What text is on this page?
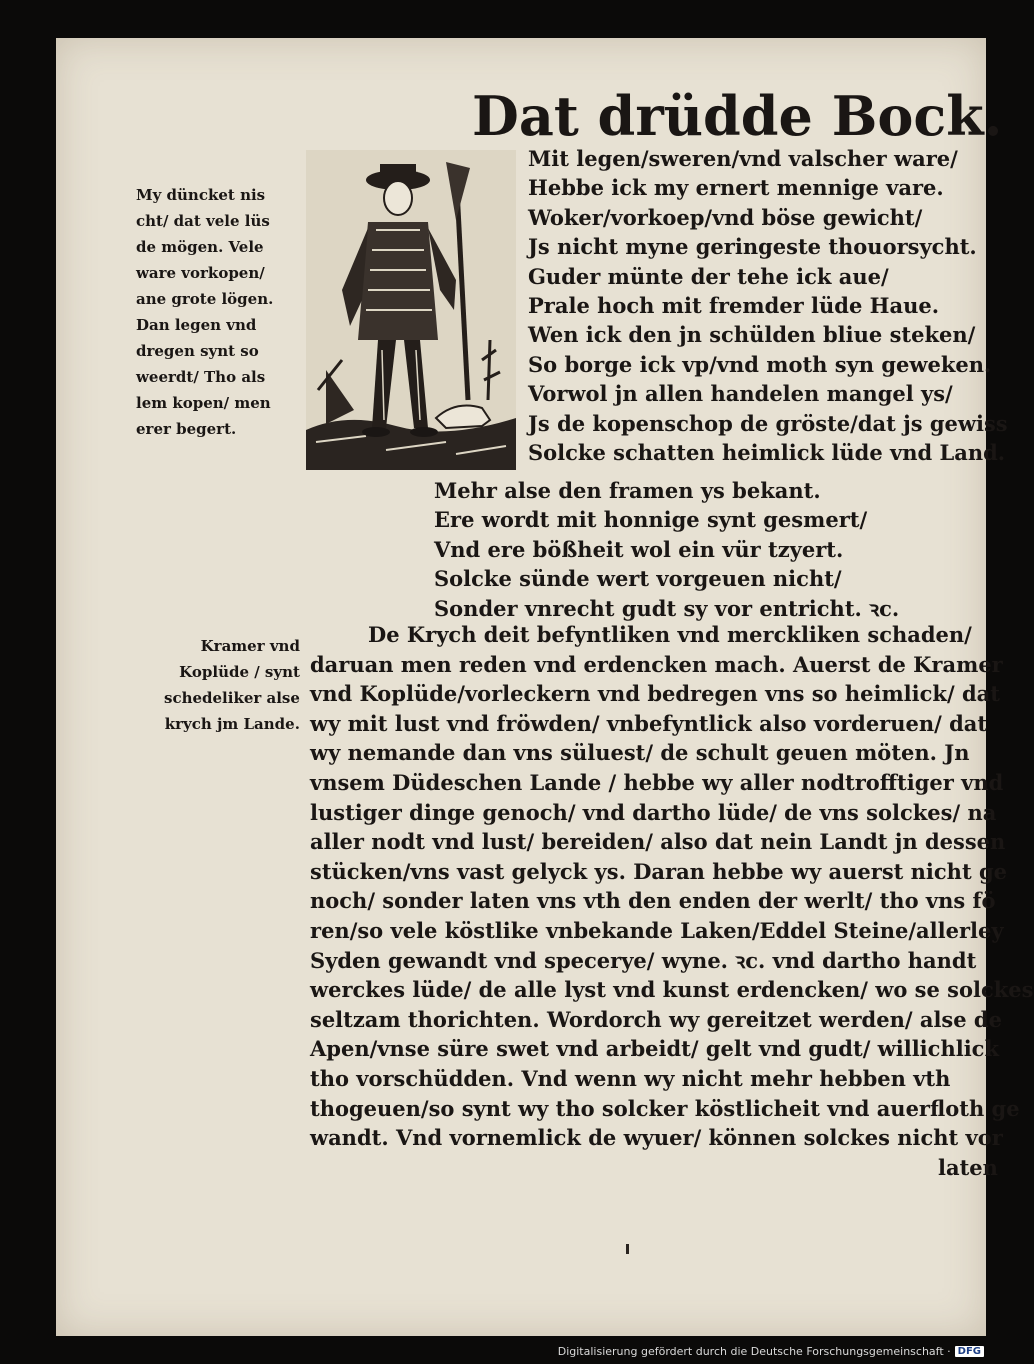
Dat drüdde Bock.
Mit legen/sweren/vnd valscher ware/
Hebbe ick my ernert mennige vare.
Woker/vorkoep/vnd böse gewicht/
Js nicht myne geringeste thouorsycht.
Guder münte der tehe ick aue/
Prale hoch mit fremder lüde Haue.
Wen ick den jn schülden bliue steken/
So borge ick vp/vnd moth syn geweken.
Vorwol jn allen handelen mangel ys/
Js de kopenschop de gröste/dat js gewiss
Solcke schatten heimlick lüde vnd Land.
Mehr alse den framen ys bekant.
Ere wordt mit honnige synt gesmert/
Vnd ere bößheit wol ein vür tzyert.
Solcke sünde wert vorgeuen nicht/
Sonder vnrecht gudt sy vor entricht. ꝛc.
My düncket nis
cht/ dat vele lüs
de mögen. Vele
ware vorkopen/
ane grote lögen.
Dan legen vnd
dregen synt so
weerdt/ Tho als
lem kopen/ men
erer begert.
Kramer vnd
Koplüde / synt
schedeliker alse
krych jm Lande.
De Krych deit befyntliken vnd merckliken schaden/
daruan men reden vnd erdencken mach. Auerst de Kramer
vnd Koplüde/vorleckern vnd bedregen vns so heimlick/ dat
wy mit lust vnd fröwden/ vnbefyntlick also vorderuen/ dat
wy nemande dan vns süluest/ de schult geuen möten. Jn
vnsem Düdeschen Lande / hebbe wy aller nodtrofftiger vnd
lustiger dinge genoch/ vnd dartho lüde/ de vns solckes/ na
aller nodt vnd lust/ bereiden/ also dat nein Landt jn dessen
stücken/vns vast gelyck ys. Daran hebbe wy auerst nicht ge
noch/ sonder laten vns vth den enden der werlt/ tho vns fö
ren/so vele köstlike vnbekande Laken/Eddel Steine/allerley
Syden gewandt vnd specerye/ wyne. ꝛc. vnd dartho handt
werckes lüde/ de alle lyst vnd kunst erdencken/ wo se solckes
seltzam thorichten. Wordorch wy gereitzet werden/ alse de
Apen/vnse süre swet vnd arbeidt/ gelt vnd gudt/ willichlick
tho vorschüdden. Vnd wenn wy nicht mehr hebben vth
thogeuen/so synt wy tho solcker köstlicheit vnd auerfloth ge
wandt. Vnd vornemlick de wyuer/ können solckes nicht vor
laten
Digitalisierung gefördert durch die Deutsche Forschungsgemeinschaft · DFG
